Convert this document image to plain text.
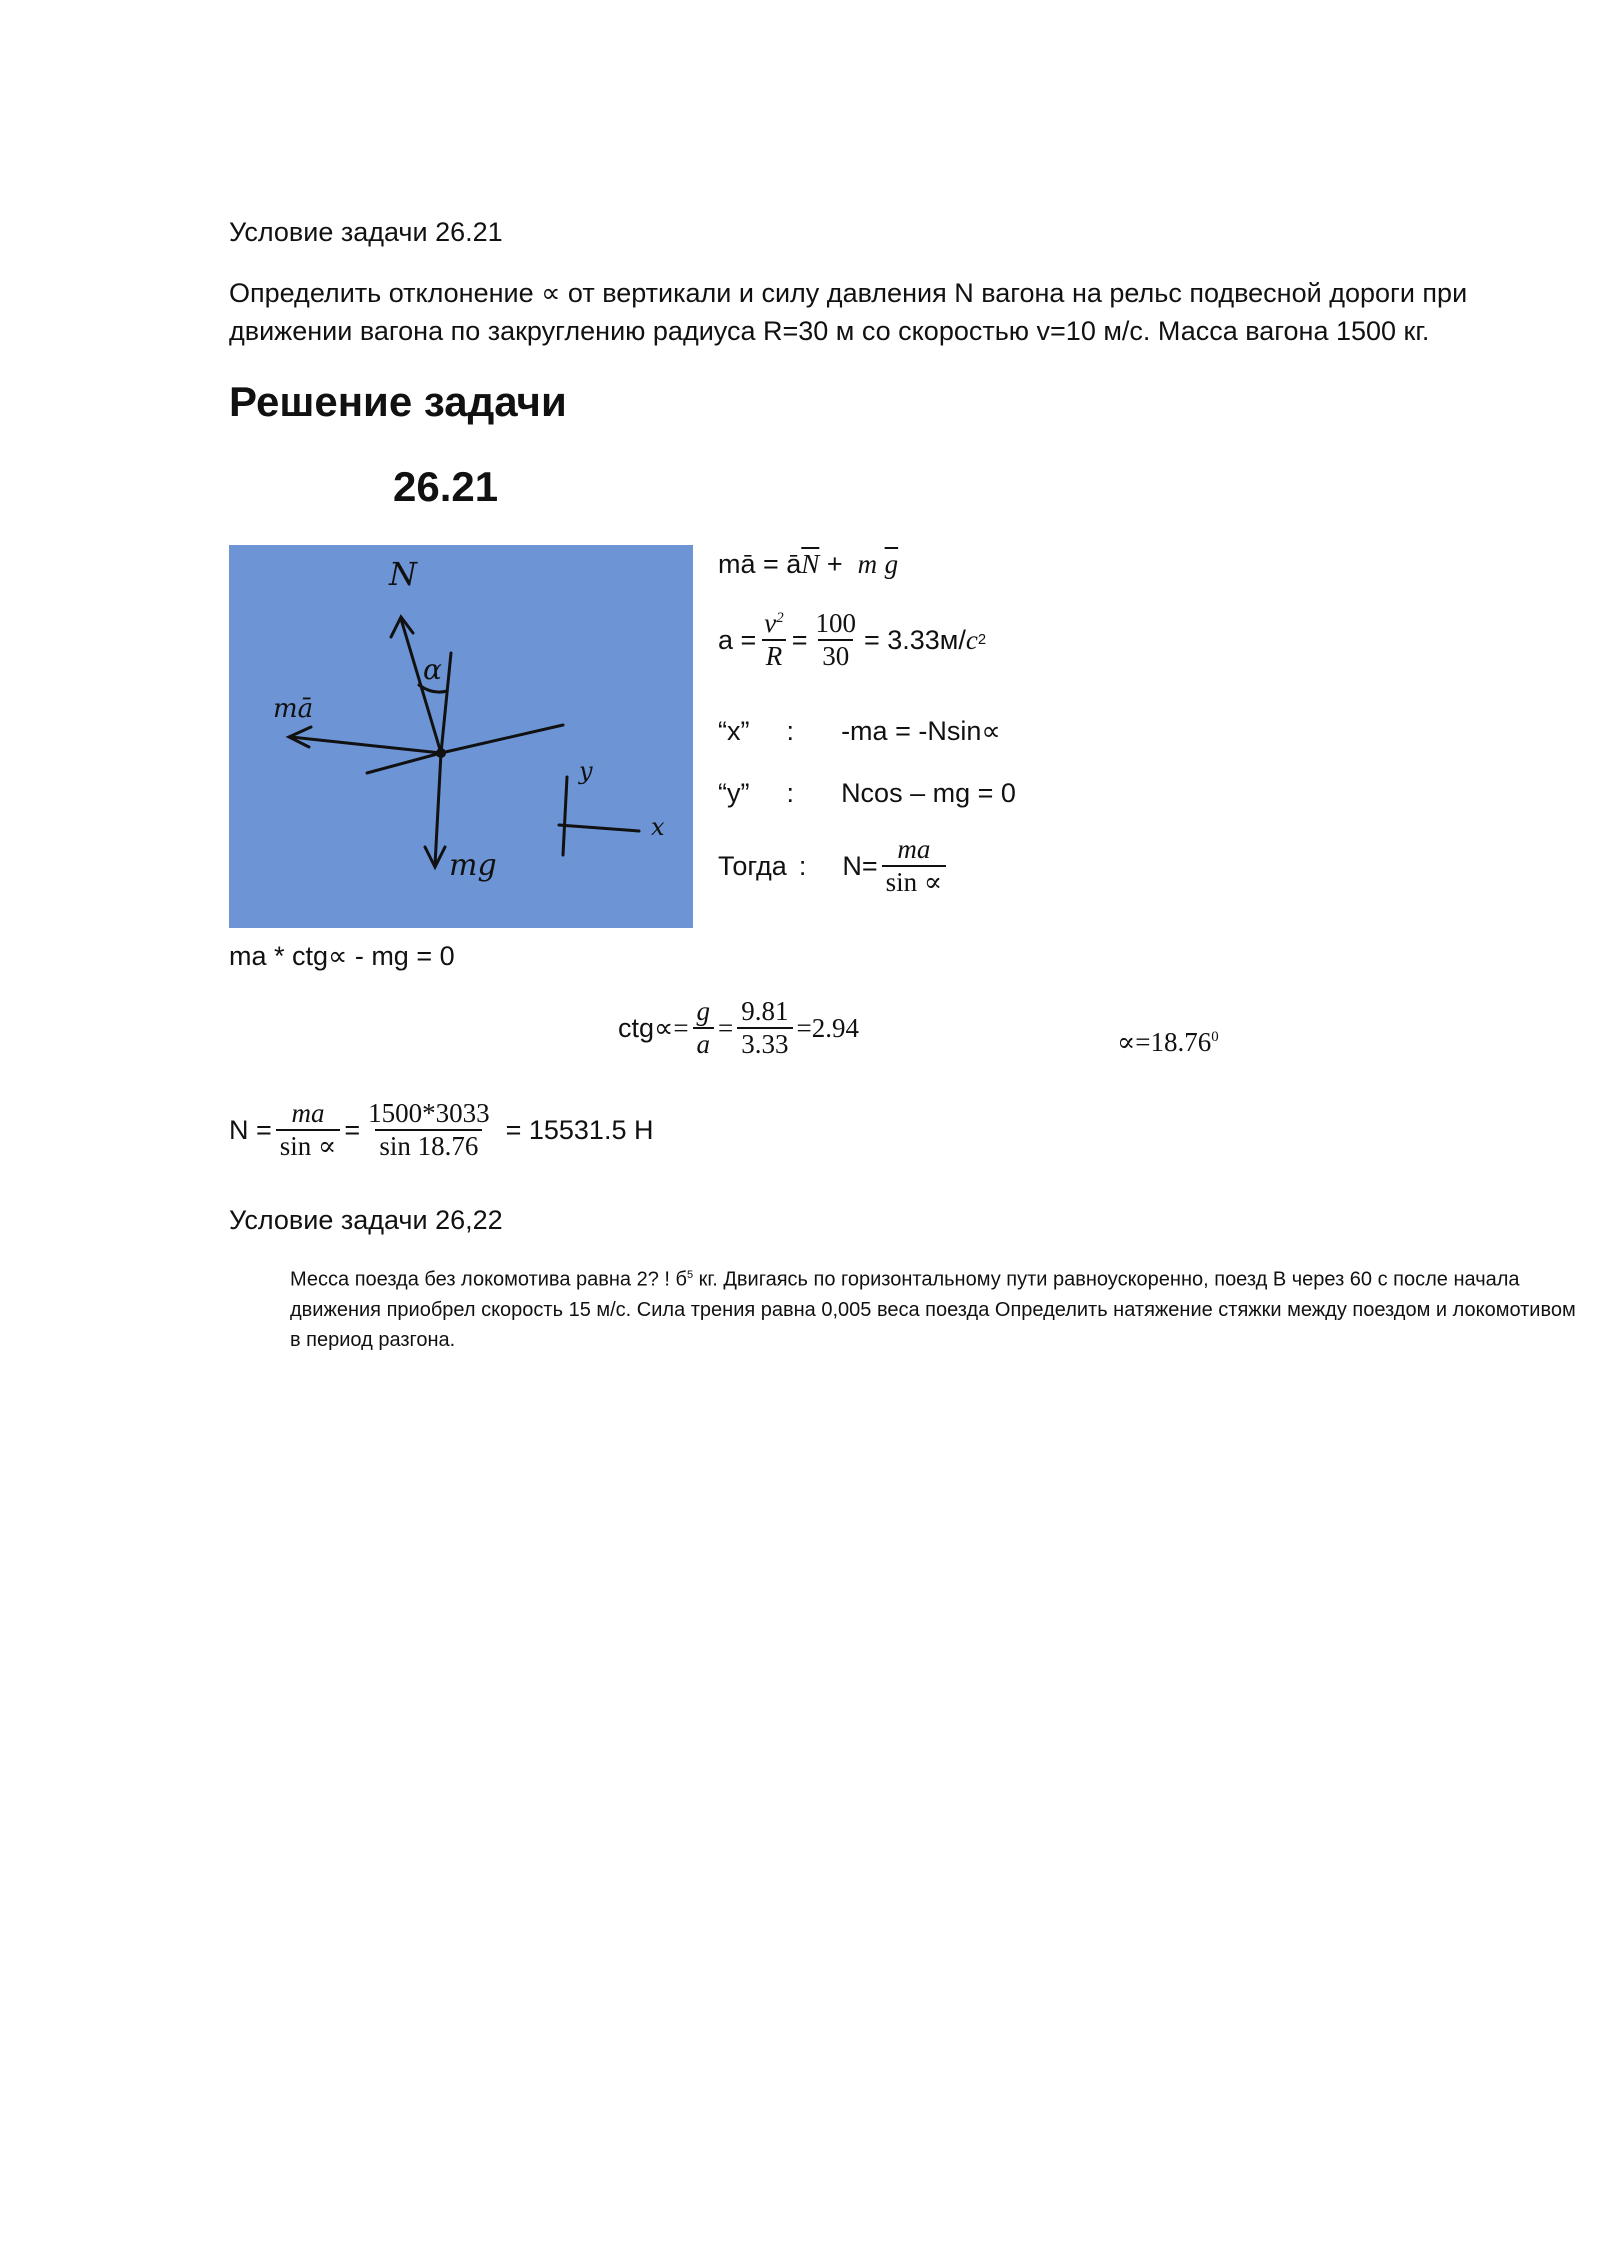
Условие задачи 26.21
Определить отклонение ∝ от вертикали и силу давления N вагона на рельс подвесной дороги при движении вагона по закруглению радиуса R=30 м со скоростью v=10 м/с. Масса вагона 1500 кг.
Решение задачи
26.21
N
α
mā
mg
y
x
mā = $ā\overline{N} + m$ $\overline{g}$
$a = \frac{v^2}{R} = \frac{100}{30} = 3.33м/$ c 2
“x” : -ma = -Nsin∝
“y” : Ncos – mg = 0
Тогда : $N= \frac{ma}{\sin \propto}$
ma * ctg∝ - mg = 0
$ctg\propto = \frac{g}{a} = \frac{9.81}{3.33} =2.94$	$\propto=18.76^0$
$N = \frac{ma}{\sin \propto} = \frac{1500*3033}{\sin 18.76} = 15531.5$ Н
Условие задачи 26,22
Месса поезда без локомотива равна 2? ! $б^5$ кг. Двигаясь по горизонтальному пути равноускоренно, поезд В через 60 с после начала движения приобрел скорость 15 м/с. Сила трения равна 0,005 веса поезда Определить натяжение стяжки между поездом и локомотивом в период разгона.
